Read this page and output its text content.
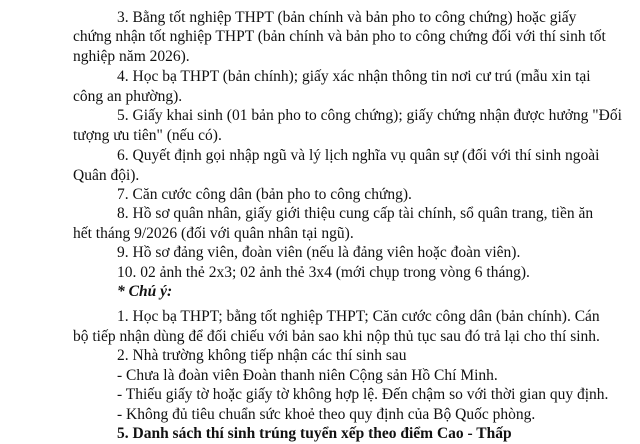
3. Bằng tốt nghiệp THPT (bản chính và bản pho to công chứng) hoặc giấy
chứng nhận tốt nghiệp THPT (bản chính và bản pho to công chứng đối với thí sinh tốt
nghiệp năm 2026).
4. Học bạ THPT (bản chính); giấy xác nhận thông tin nơi cư trú (mẫu xin tại
công an phường).
5. Giấy khai sinh (01 bản pho to công chứng); giấy chứng nhận được hưởng "Đối
tượng ưu tiên" (nếu có).
6. Quyết định gọi nhập ngũ và lý lịch nghĩa vụ quân sự (đối với thí sinh ngoài
Quân đội).
7. Căn cước công dân (bản pho to công chứng).
8. Hồ sơ quân nhân, giấy giới thiệu cung cấp tài chính, sổ quân trang, tiền ăn
hết tháng 9/2026 (đối với quân nhân tại ngũ).
9. Hồ sơ đảng viên, đoàn viên (nếu là đảng viên hoặc đoàn viên).
10. 02 ảnh thẻ 2x3; 02 ảnh thẻ 3x4 (mới chụp trong vòng 6 tháng).
* Chú ý:
1. Học bạ THPT; bằng tốt nghiệp THPT; Căn cước công dân (bản chính). Cán
bộ tiếp nhận dùng để đối chiếu với bản sao khi nộp thủ tục sau đó trả lại cho thí sinh.
2. Nhà trường không tiếp nhận các thí sinh sau
- Chưa là đoàn viên Đoàn thanh niên Cộng sản Hồ Chí Minh.
- Thiếu giấy tờ hoặc giấy tờ không hợp lệ. Đến chậm so với thời gian quy định.
- Không đủ tiêu chuẩn sức khoẻ theo quy định của Bộ Quốc phòng.
5. Danh sách thí sinh trúng tuyển xếp theo điểm Cao - Thấp
